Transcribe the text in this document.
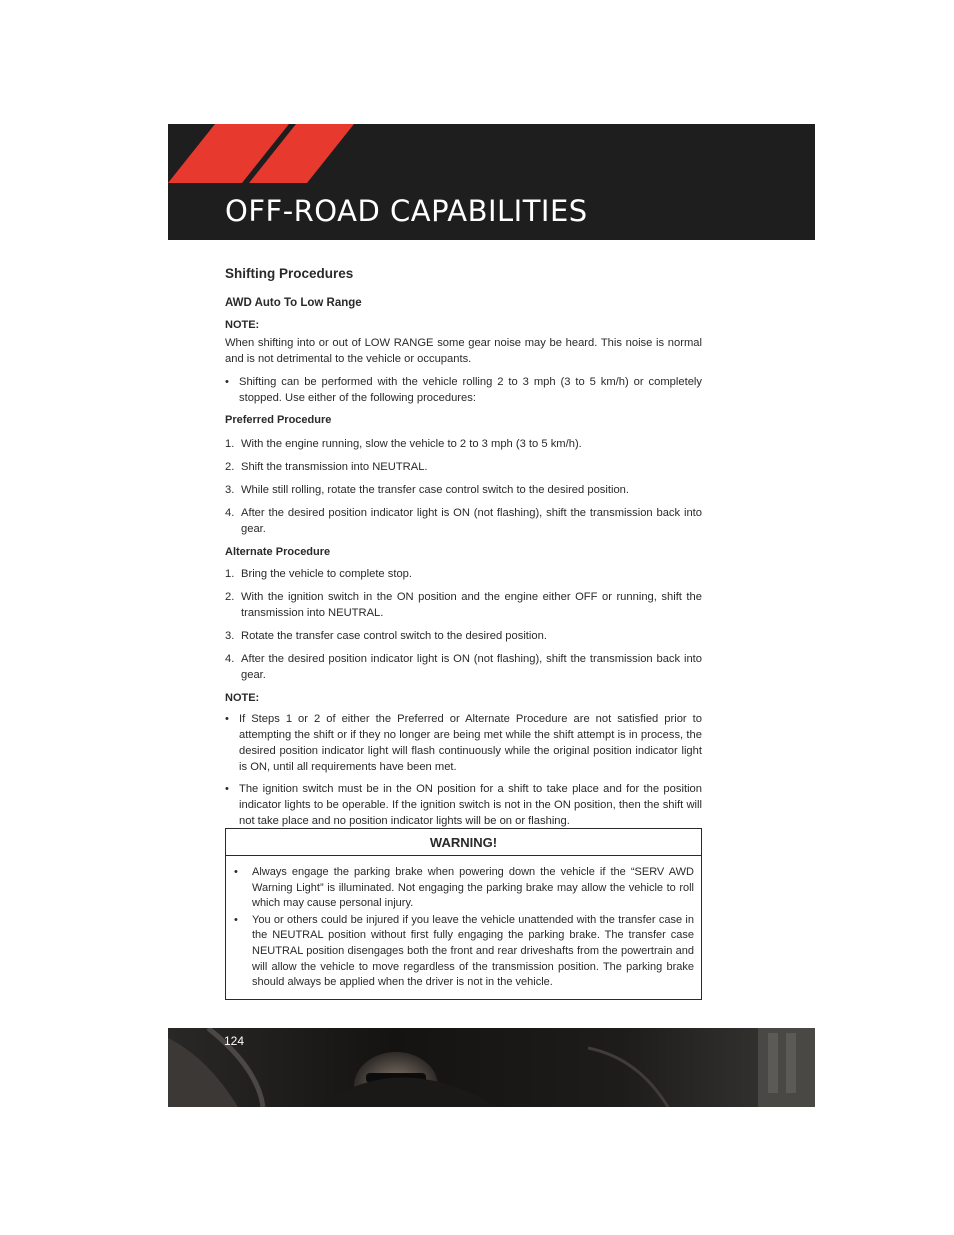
OFF-ROAD CAPABILITIES
Shifting Procedures
AWD Auto To Low Range
NOTE:
When shifting into or out of LOW RANGE some gear noise may be heard. This noise is normal and is not detrimental to the vehicle or occupants.
• Shifting can be performed with the vehicle rolling 2 to 3 mph (3 to 5 km/h) or completely stopped. Use either of the following procedures:
Preferred Procedure
1. With the engine running, slow the vehicle to 2 to 3 mph (3 to 5 km/h).
2. Shift the transmission into NEUTRAL.
3. While still rolling, rotate the transfer case control switch to the desired position.
4. After the desired position indicator light is ON (not flashing), shift the transmission back into gear.
Alternate Procedure
1. Bring the vehicle to complete stop.
2. With the ignition switch in the ON position and the engine either OFF or running, shift the transmission into NEUTRAL.
3. Rotate the transfer case control switch to the desired position.
4. After the desired position indicator light is ON (not flashing), shift the transmission back into gear.
NOTE:
• If Steps 1 or 2 of either the Preferred or Alternate Procedure are not satisfied prior to attempting the shift or if they no longer are being met while the shift attempt is in process, the desired position indicator light will flash continuously while the original position indicator light is ON, until all requirements have been met.
• The ignition switch must be in the ON position for a shift to take place and for the position indicator lights to be operable. If the ignition switch is not in the ON position, then the shift will not take place and no position indicator lights will be on or flashing.
WARNING!
•	Always engage the parking brake when powering down the vehicle if the “SERV AWD Warning Light” is illuminated. Not engaging the parking brake may allow the vehicle to roll which may cause personal injury.
•	You or others could be injured if you leave the vehicle unattended with the transfer case in the NEUTRAL position without first fully engaging the parking brake. The transfer case NEUTRAL position disengages both the front and rear driveshafts from the powertrain and will allow the vehicle to move regardless of the transmission position. The parking brake should always be applied when the driver is not in the vehicle.
124
